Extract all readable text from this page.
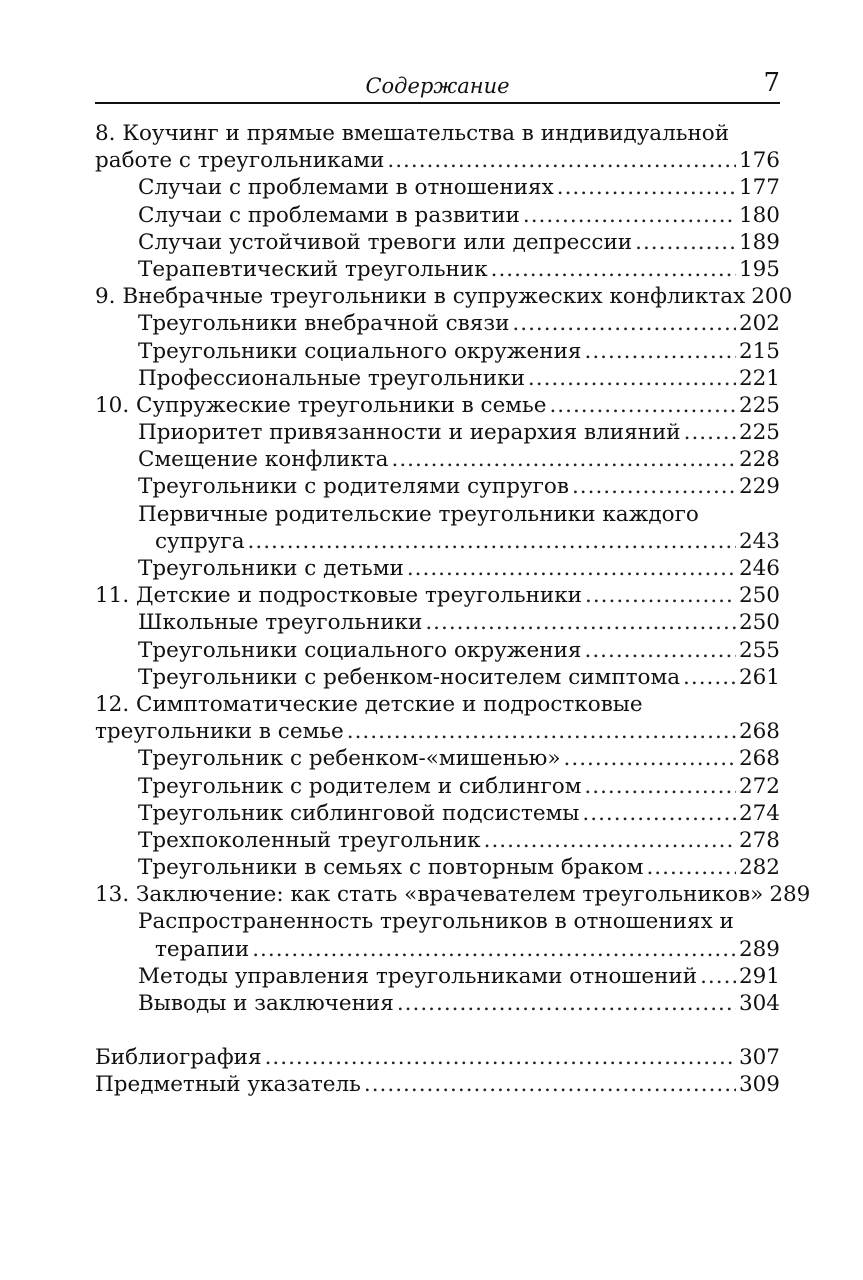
Содержание	7
8. Коучинг и прямые вмешательства в индивидуальной
работе с треугольниками .....	176
Случаи с проблемами в отношениях .....	177
Случаи с проблемами в развитии .....	180
Случаи устойчивой тревоги или депрессии .....	189
Терапевтический треугольник .....	195
9. Внебрачные треугольники в супружеских конфликтах 200
Треугольники внебрачной связи .....	202
Треугольники социального окружения .....	215
Профессиональные треугольники .....	221
10. Супружеские треугольники в семье .....	225
Приоритет привязанности и иерархия влияний .....	225
Смещение конфликта .....	228
Треугольники с родителями супругов .....	229
Первичные родительские треугольники каждого
супруга .....	243
Треугольники с детьми .....	246
11. Детские и подростковые треугольники .....	250
Школьные треугольники .....	250
Треугольники социального окружения .....	255
Треугольники с ребенком-носителем симптома .....	261
12. Симптоматические детские и подростковые
треугольники в семье .....	268
Треугольник с ребенком-«мишенью» .....	268
Треугольник с родителем и сиблингом .....	272
Треугольник сиблинговой подсистемы .....	274
Трехпоколенный треугольник .....	278
Треугольники в семьях с повторным браком .....	282
13. Заключение: как стать «врачевателем треугольников» 289
Распространенность треугольников в отношениях и
терапии .....	289
Методы управления треугольниками отношений ..... 291
Выводы и заключения .....	304
Библиография .....	307
Предметный указатель .....	309
